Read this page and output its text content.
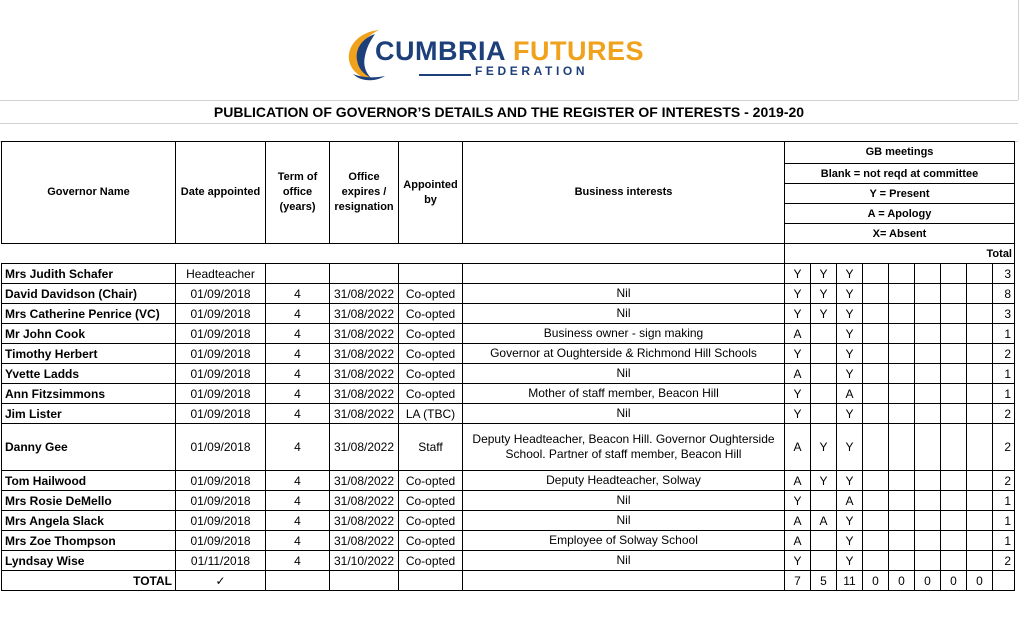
CUMBRIA FUTURES
FEDERATION
PUBLICATION OF GOVERNOR’S DETAILS AND THE REGISTER OF INTERESTS - 2019-20
Governor Name	Date appointed	Term of office (years)	Office expires / resignation	Appointed by	Business interests	GB meetings								
						Blank = not reqd at committee								
						Y = Present								
						A = Apology								
						X= Absent								
						Total								
Mrs Judith Schafer	Headteacher					Y	Y	Y						3
David Davidson (Chair)	01/09/2018	4	31/08/2022	Co-opted	Nil	Y	Y	Y						8
Mrs Catherine Penrice (VC)	01/09/2018	4	31/08/2022	Co-opted	Nil	Y	Y	Y						3
Mr John Cook	01/09/2018	4	31/08/2022	Co-opted	Business owner - sign making	A		Y						1
Timothy Herbert	01/09/2018	4	31/08/2022	Co-opted	Governor at Oughterside & Richmond Hill Schools	Y		Y						2
Yvette Ladds	01/09/2018	4	31/08/2022	Co-opted	Nil	A		Y						1
Ann Fitzsimmons	01/09/2018	4	31/08/2022	Co-opted	Mother of staff member, Beacon Hill	Y		A						1
Jim Lister	01/09/2018	4	31/08/2022	LA (TBC)	Nil	Y		Y						2
Danny Gee	01/09/2018	4	31/08/2022	Staff	Deputy Headteacher, Beacon Hill. Governor Oughterside School. Partner of staff member, Beacon Hill	A	Y	Y						2
Tom Hailwood	01/09/2018	4	31/08/2022	Co-opted	Deputy Headteacher, Solway	A	Y	Y						2
Mrs Rosie DeMello	01/09/2018	4	31/08/2022	Co-opted	Nil	Y		A						1
Mrs Angela Slack	01/09/2018	4	31/08/2022	Co-opted	Nil	A	A	Y						1
Mrs Zoe Thompson	01/09/2018	4	31/08/2022	Co-opted	Employee of Solway School	A		Y						1
Lyndsay Wise	01/11/2018	4	31/10/2022	Co-opted	Nil	Y		Y						2
TOTAL	✓					7	5	11	0	0	0	0	0	
